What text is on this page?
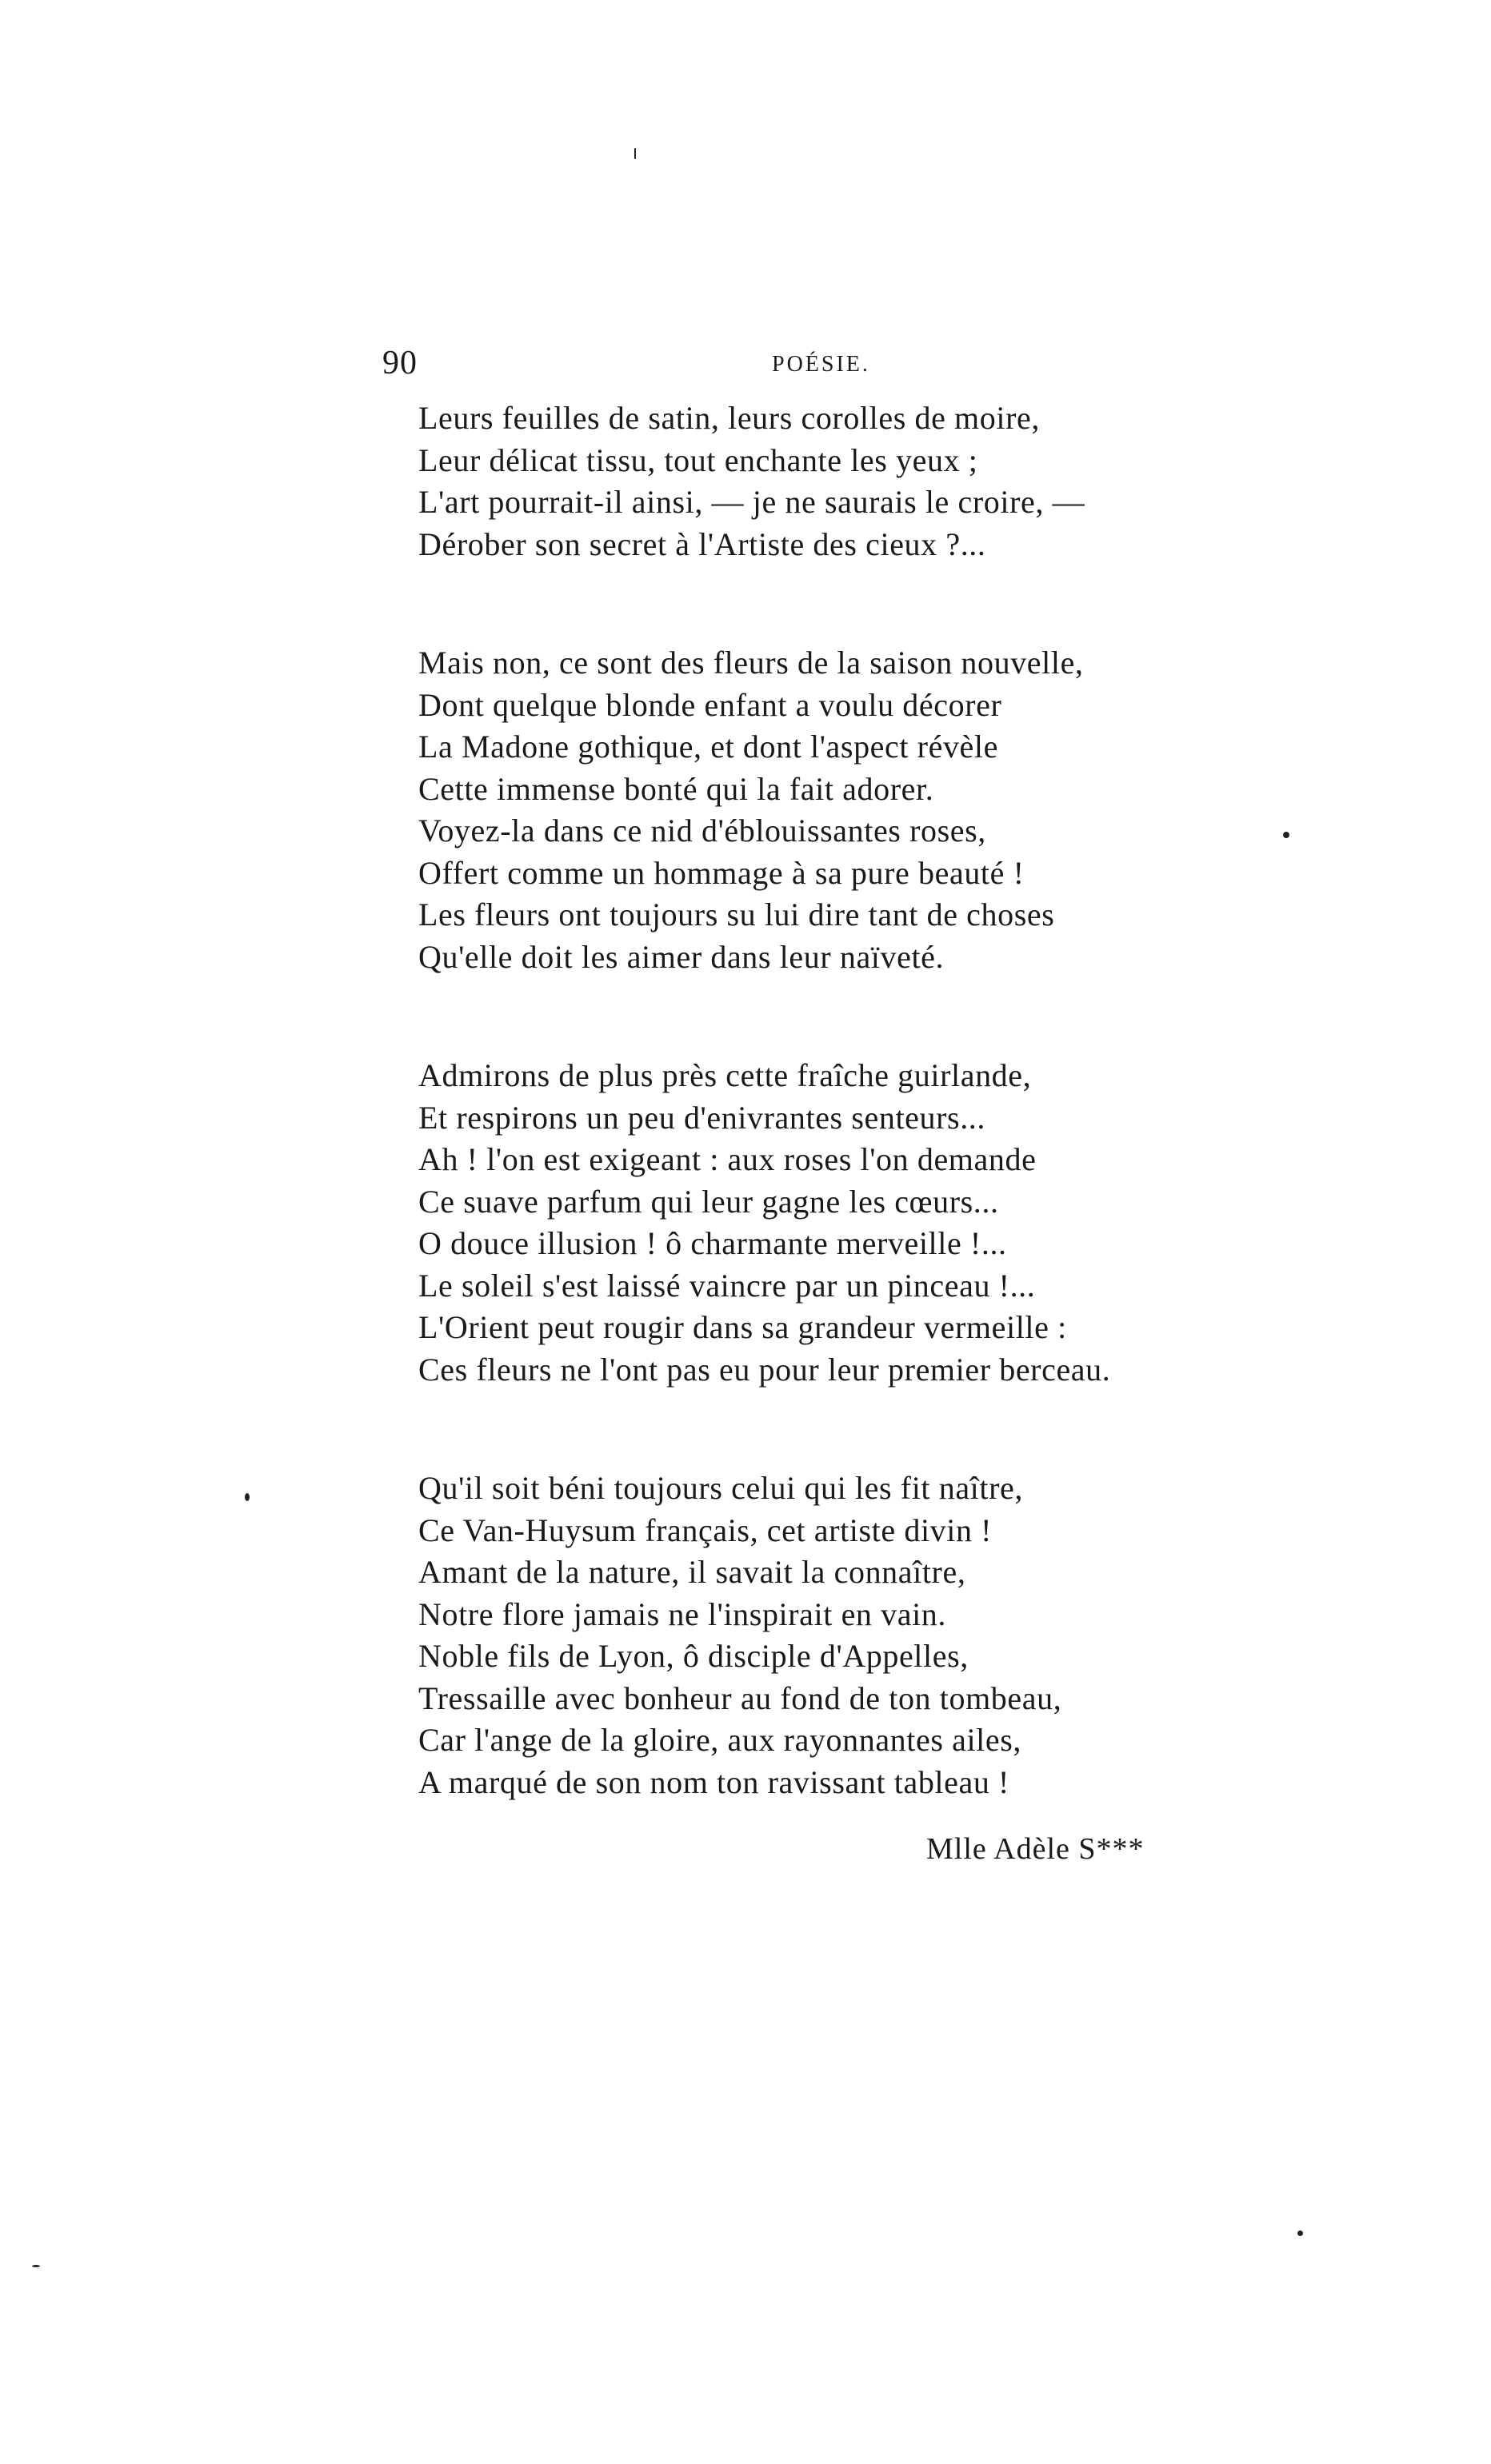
90	POÉSIE.
Leurs feuilles de satin, leurs corolles de moire,
Leur délicat tissu, tout enchante les yeux ;
L'art pourrait-il ainsi, — je ne saurais le croire, —
Dérober son secret à l'Artiste des cieux ?...
Mais non, ce sont des fleurs de la saison nouvelle,
Dont quelque blonde enfant a voulu décorer
La Madone gothique, et dont l'aspect révèle
Cette immense bonté qui la fait adorer.
Voyez-la dans ce nid d'éblouissantes roses,
Offert comme un hommage à sa pure beauté !
Les fleurs ont toujours su lui dire tant de choses
Qu'elle doit les aimer dans leur naïveté.
Admirons de plus près cette fraîche guirlande,
Et respirons un peu d'enivrantes senteurs...
Ah ! l'on est exigeant : aux roses l'on demande
Ce suave parfum qui leur gagne les cœurs...
O douce illusion ! ô charmante merveille !...
Le soleil s'est laissé vaincre par un pinceau !...
L'Orient peut rougir dans sa grandeur vermeille :
Ces fleurs ne l'ont pas eu pour leur premier berceau.
Qu'il soit béni toujours celui qui les fit naître,
Ce Van-Huysum français, cet artiste divin !
Amant de la nature, il savait la connaître,
Notre flore jamais ne l'inspirait en vain.
Noble fils de Lyon, ô disciple d'Appelles,
Tressaille avec bonheur au fond de ton tombeau,
Car l'ange de la gloire, aux rayonnantes ailes,
A marqué de son nom ton ravissant tableau !
Mlle Adèle S***
